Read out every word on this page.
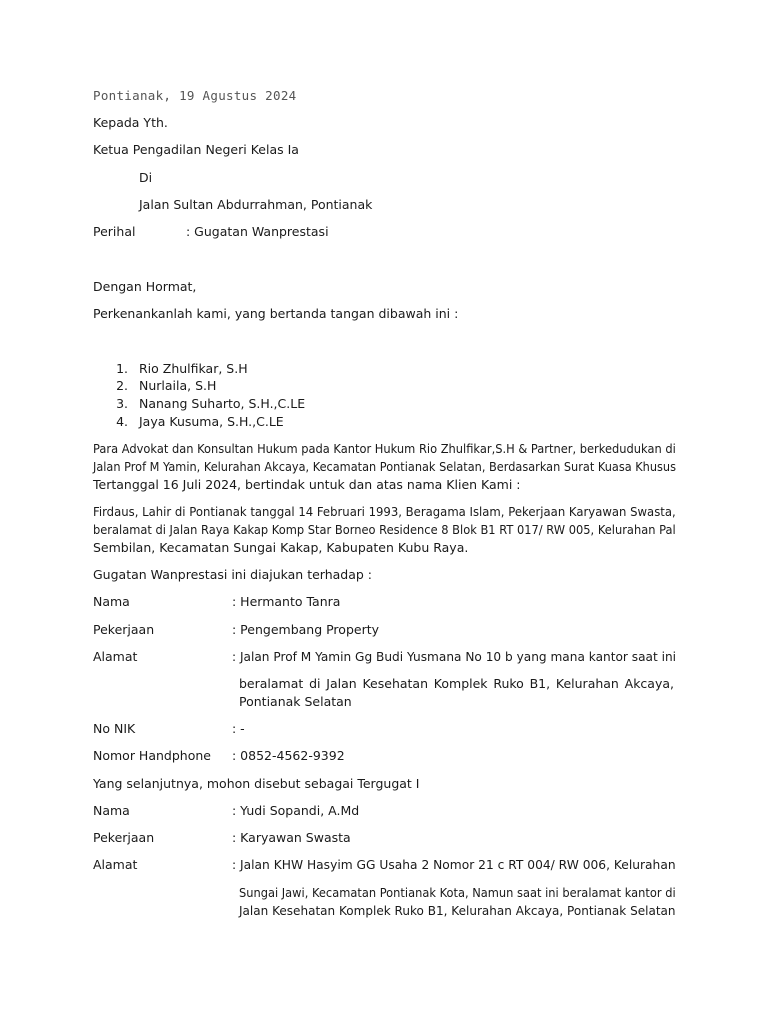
Pontianak, 19 Agustus 2024
Kepada Yth.
Ketua Pengadilan Negeri Kelas Ia
Di
Jalan Sultan Abdurrahman, Pontianak
Perihal	: Gugatan Wanprestasi
Dengan Hormat,
Perkenankanlah kami, yang bertanda tangan dibawah ini :
1. Rio Zhulfikar, S.H
2. Nurlaila, S.H
3. Nanang Suharto, S.H.,C.LE
4. Jaya Kusuma, S.H.,C.LE
Para Advokat dan Konsultan Hukum pada Kantor Hukum Rio Zhulfikar,S.H & Partner, berkedudukan di
Jalan Prof M Yamin, Kelurahan Akcaya, Kecamatan Pontianak Selatan, Berdasarkan Surat Kuasa Khusus
Tertanggal 16 Juli 2024, bertindak untuk dan atas nama Klien Kami :
Firdaus, Lahir di Pontianak tanggal 14 Februari 1993, Beragama Islam, Pekerjaan Karyawan Swasta,
beralamat di Jalan Raya Kakap Komp Star Borneo Residence 8 Blok B1 RT 017/ RW 005, Kelurahan Pal
Sembilan, Kecamatan Sungai Kakap, Kabupaten Kubu Raya.
Gugatan Wanprestasi ini diajukan terhadap :
Nama	: Hermanto Tanra
Pekerjaan	: Pengembang Property
Alamat	: Jalan Prof M Yamin Gg Budi Yusmana No 10 b yang mana kantor saat ini
beralamat di Jalan Kesehatan Komplek Ruko B1, Kelurahan Akcaya,
Pontianak Selatan
No NIK	: -
Nomor Handphone : 0852-4562-9392
Yang selanjutnya, mohon disebut sebagai Tergugat I
Nama	: Yudi Sopandi, A.Md
Pekerjaan	: Karyawan Swasta
Alamat	: Jalan KHW Hasyim GG Usaha 2 Nomor 21 c RT 004/ RW 006, Kelurahan
Sungai Jawi, Kecamatan Pontianak Kota, Namun saat ini beralamat kantor di
Jalan Kesehatan Komplek Ruko B1, Kelurahan Akcaya, Pontianak Selatan
